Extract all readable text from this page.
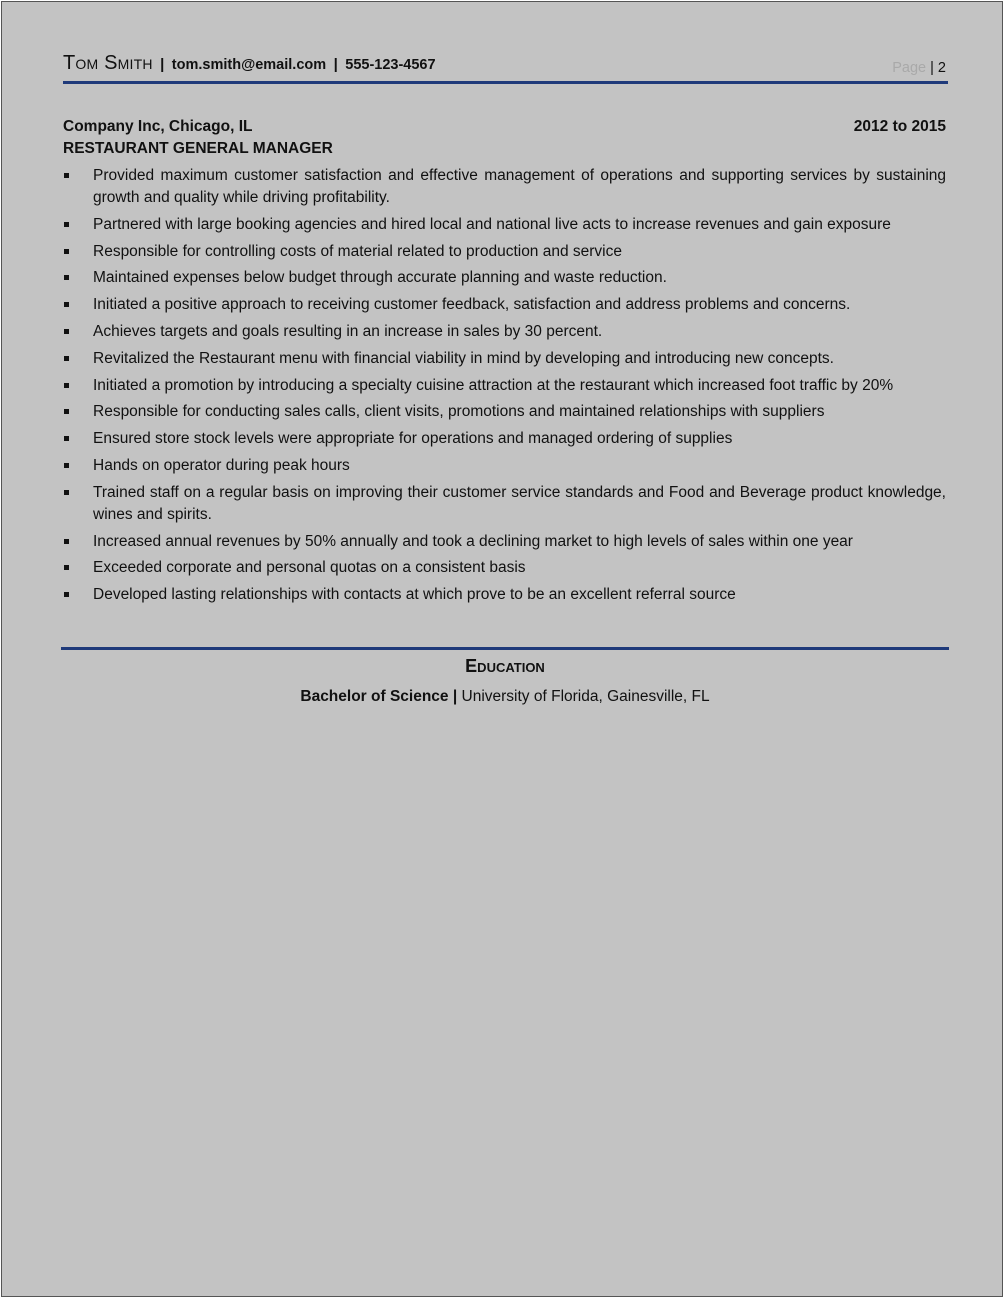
Tom Smith | tom.smith@email.com | 555-123-4567	Page | 2
Company Inc, Chicago, IL	2012 to 2015
RESTAURANT GENERAL MANAGER
Provided maximum customer satisfaction and effective management of operations and supporting services by sustaining growth and quality while driving profitability.
Partnered with large booking agencies and hired local and national live acts to increase revenues and gain exposure
Responsible for controlling costs of material related to production and service
Maintained expenses below budget through accurate planning and waste reduction.
Initiated a positive approach to receiving customer feedback, satisfaction and address problems and concerns.
Achieves targets and goals resulting in an increase in sales by 30 percent.
Revitalized the Restaurant menu with financial viability in mind by developing and introducing new concepts.
Initiated a promotion by introducing a specialty cuisine attraction at the restaurant which increased foot traffic by 20%
Responsible for conducting sales calls, client visits, promotions and maintained relationships with suppliers
Ensured store stock levels were appropriate for operations and managed ordering of supplies
Hands on operator during peak hours
Trained staff on a regular basis on improving their customer service standards and Food and Beverage product knowledge, wines and spirits.
Increased annual revenues by 50% annually and took a declining market to high levels of sales within one year
Exceeded corporate and personal quotas on a consistent basis
Developed lasting relationships with contacts at which prove to be an excellent referral source
Education
Bachelor of Science | University of Florida, Gainesville, FL
